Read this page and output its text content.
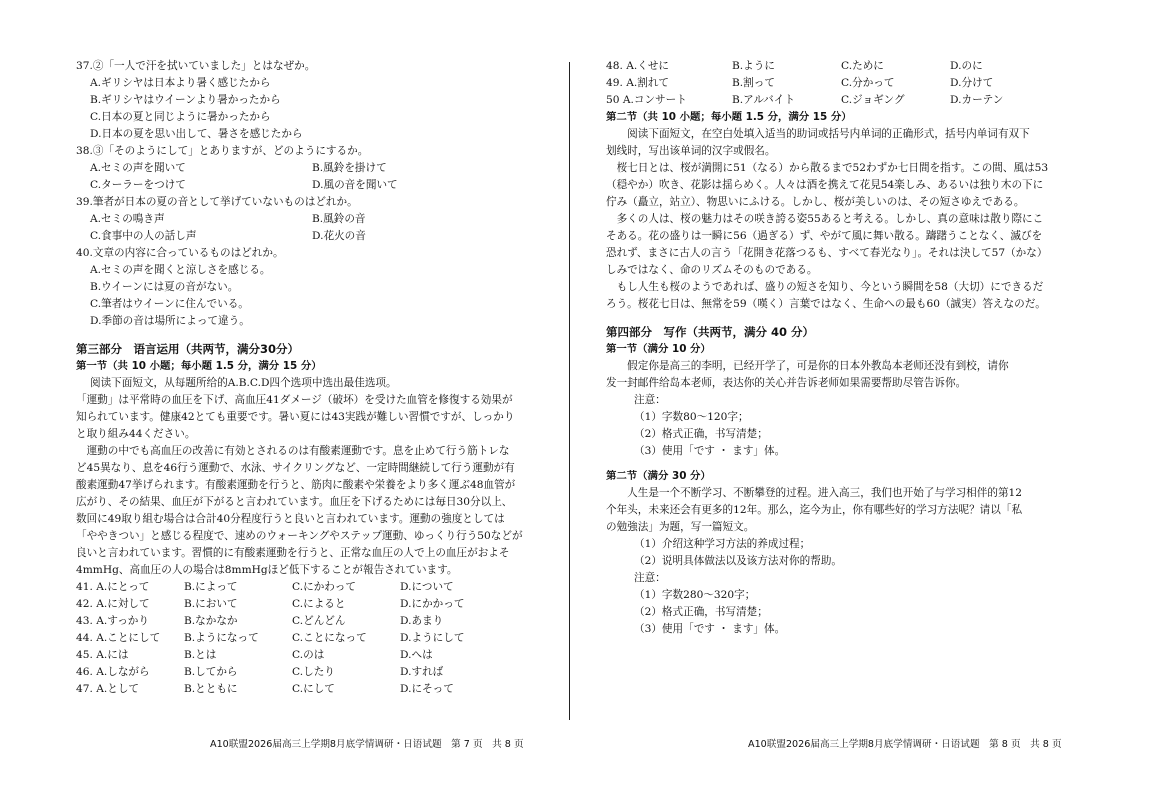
37.②「一人で汗を拭いていました」とはなぜか。
A.ギリシヤは日本より暑く感じたから
B.ギリシヤはウイーンより暑かったから
C.日本の夏と同じように暑かったから
D.日本の夏を思い出して、暑さを感じたから
38.③「そのようにして」とありますが、どのようにするか。
A.セミの声を聞いて	B.風鈴を掛けて
C.ターラーをつけて	D.風の音を聞いて
39.筆者が日本の夏の音として挙げていないものはどれか。
A.セミの鳴き声	B.風鈴の音
C.食事中の人の話し声	D.花火の音
40.文章の内容に合っているものはどれか。
A.セミの声を聞くと涼しさを感じる。
B.ウイーンには夏の音がない。
C.筆者はウイーンに住んでいる。
D.季節の音は場所によって違う。
第三部分　语言运用（共两节，满分30分）
第一节（共 10 小题；每小题 1.5 分，满分 15 分）
阅读下面短文，从每题所给的A.B.C.D四个选项中选出最佳选项。
「運動」は平常時の血圧を下げ、高血圧41ダメージ（破坏）を受けた血管を修復する効果が
知られています。健康42とても重要です。暑い夏には43実践が難しい習慣ですが、しっかり
と取り組み44ください。
　運動の中でも高血圧の改善に有効とされるのは有酸素運動です。息を止めて行う筋トレな
ど45異なり、息を46行う運動で、水泳、サイクリングなど、一定時間継続して行う運動が有
酸素運動47挙げられます。有酸素運動を行うと、筋肉に酸素や栄養をより多く運ぶ48血管が
広がり、その結果、血圧が下がると言われています。血圧を下げるためには毎日30分以上、
数回に49取り組む場合は合計40分程度行うと良いと言われています。運動の強度としては
「ややきつい」と感じる程度で、速めのウォーキングやステップ運動、ゆっくり行う50などが
良いと言われています。習慣的に有酸素運動を行うと、正常な血圧の人で上の血圧がおよそ
4mmHg、高血圧の人の場合は8mmHgほど低下することが報告されています。
41. A.にとって	B.によって	C.にかわって	D.について
42. A.に対して	B.において	C.によると	D.にかかって
43. A.すっかり	B.なかなか	C.どんどん	D.あまり
44. A.ことにして	B.ようになって	C.ことになって	D.ようにして
45. A.には	B.とは	C.のは	D.へは
46. A.しながら	B.してから	C.したり	D.すれば
47. A.として	B.とともに	C.にして	D.にそって
48. A.くせに	B.ように	C.ために	D.のに
49. A.割れて	B.割って	C.分かって	D.分けて
50 A.コンサート	B.アルバイト	C.ジョギング	D.カーテン
第二节（共 10 小题；每小题 1.5 分，满分 15 分）
　　阅读下面短文，在空白处填入适当的助词或括号内单词的正确形式，括号内单词有双下
划线时，写出该单词的汉字或假名。
　桜七日とは、桜が満開に51（なる）から散るまで52わずか七日間を指す。この間、風は53
（穏やか）吹き、花影は揺らめく。人々は酒を携えて花見54楽しみ、あるいは独り木の下に
佇み（矗立，站立）、物思いにふける。しかし、桜が美しいのは、その短さゆえである。
　多くの人は、桜の魅力はその咲き誇る姿55あると考える。しかし、真の意味は散り際にこ
そある。花の盛りは一瞬に56（過ぎる）ず、やがて風に舞い散る。躊躇うことなく、滅びを
恐れず、まさに古人の言う「花開き花落つるも、すべて春光なり」。それは決して57（かな）
しみではなく、命のリズムそのものである。
　もし人生も桜のようであれば、盛りの短さを知り、今という瞬間を58（大切）にできるだ
ろう。桜花七日は、無常を59（嘆く）言葉ではなく、生命への最も60（誠実）答えなのだ。
第四部分　写作（共两节，满分 40 分）
第一节（满分 10 分）
　　假定你是高三的李明，已经开学了，可是你的日本外教岛本老师还没有到校，请你
发一封邮件给岛本老师，表达你的关心并告诉老师如果需要帮助尽管告诉你。
注意：
（1）字数80～120字；
（2）格式正确，书写清楚；
（3）使用「です ・ ます」体。
第二节（满分 30 分）
　　人生是一个不断学习、不断攀登的过程。进入高三，我们也开始了与学习相伴的第12
个年头，未来还会有更多的12年。那么，迄今为止，你有哪些好的学习方法呢？请以「私
の勉強法」为题，写一篇短文。
（1）介绍这种学习方法的养成过程；
（2）说明具体做法以及该方法对你的帮助。
注意：
（1）字数280～320字；
（2）格式正确，书写清楚；
（3）使用「です ・ ます」体。
A10联盟2026届高三上学期8月底学情调研・日语试题　第 7 页　共 8 页	A10联盟2026届高三上学期8月底学情调研・日语试题　第 8 页　共 8 页
